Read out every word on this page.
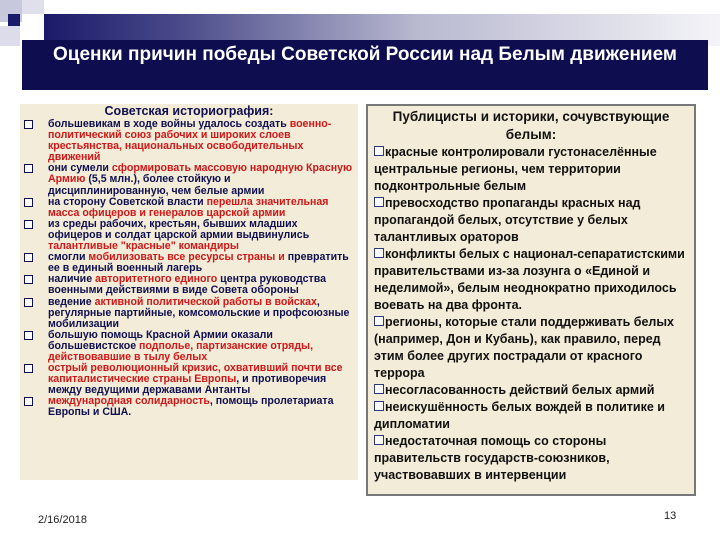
Оценки причин победы Советской России над Белым движением
Советская историография:
большевикам в ходе войны удалось создать военно-политический союз рабочих и широких слоев крестьянства, национальных освободительных движений
они сумели сформировать массовую народную Красную Армию (5,5 млн.), более стойкую и дисциплинированную, чем белые армии
на сторону Советской власти перешла значительная масса офицеров и генералов царской армии
из среды рабочих, крестьян, бывших младших офицеров и солдат царской армии выдвинулись талантливые "красные" командиры
смогли мобилизовать все ресурсы страны и превратить ее в единый военный лагерь
наличие авторитетного единого центра руководства военными действиями в виде Совета обороны
ведение активной политической работы в войсках, регулярные партийные, комсомольские и профсоюзные мобилизации
большую помощь Красной Армии оказали большевистское подполье, партизанские отряды, действовавшие в тылу белых
острый революционный кризис, охвативший почти все капиталистические страны Европы, и противоречия между ведущими державами Антанты
международная солидарность, помощь пролетариата Европы и США.
Публицисты и историки, сочувствующие белым:
красные контролировали густонаселённые центральные регионы, чем территории подконтрольные белым
превосходство пропаганды красных над пропагандой белых, отсутствие у белых талантливых ораторов
конфликты белых с национал-сепаратистскими правительствами из-за лозунга о «Единой и неделимой», белым неоднократно приходилось воевать на два фронта.
регионы, которые стали поддерживать белых (например, Дон и Кубань), как правило, перед этим более других пострадали от красного террора
несогласованность действий белых армий
неискушённость белых вождей в политике и дипломатии
недостаточная помощь со стороны правительств государств-союзников, участвовавших в интервенции
2/16/2018	13
